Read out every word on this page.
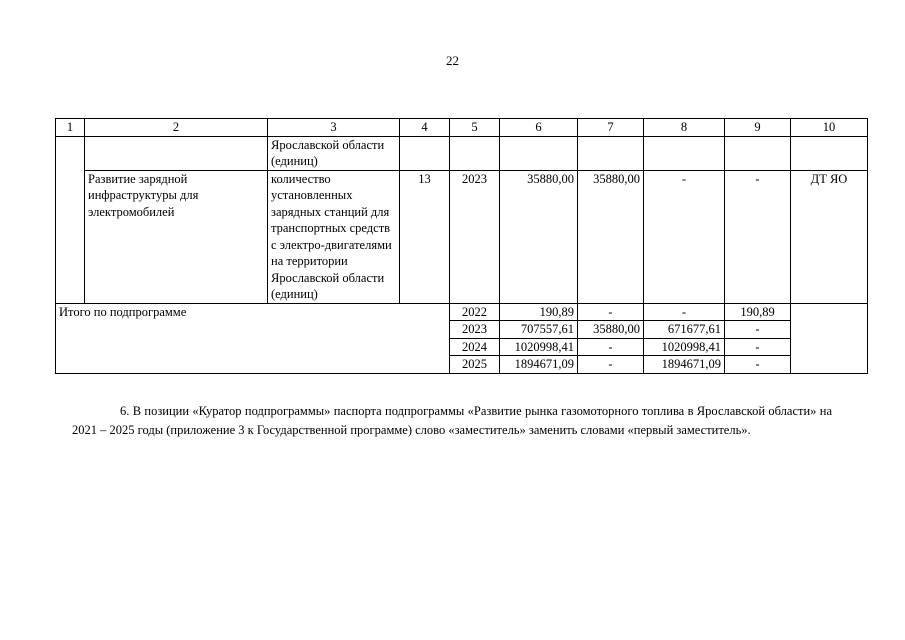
22
1	2	3	4	5	6	7	8	9	10
		Ярославской области (единиц)							
	Развитие зарядной инфраструктуры для электромобилей	количество установленных зарядных станций для транспортных средств с электро-двигателями на территории Ярославской области (единиц)	13	2023	35880,00	35880,00	-	-	ДТ ЯО
Итого по подпрограмме				2022	190,89	-	-	190,89	
				2023	707557,61	35880,00	671677,61	-	
				2024	1020998,41	-	1020998,41	-	
				2025	1894671,09	-	1894671,09	-	

6. В позиции «Куратор подпрограммы» паспорта подпрограммы «Развитие рынка газомоторного топлива в Ярославской области» на 2021 – 2025 годы (приложение 3 к Государственной программе) слово «заместитель» заменить словами «первый заместитель».
